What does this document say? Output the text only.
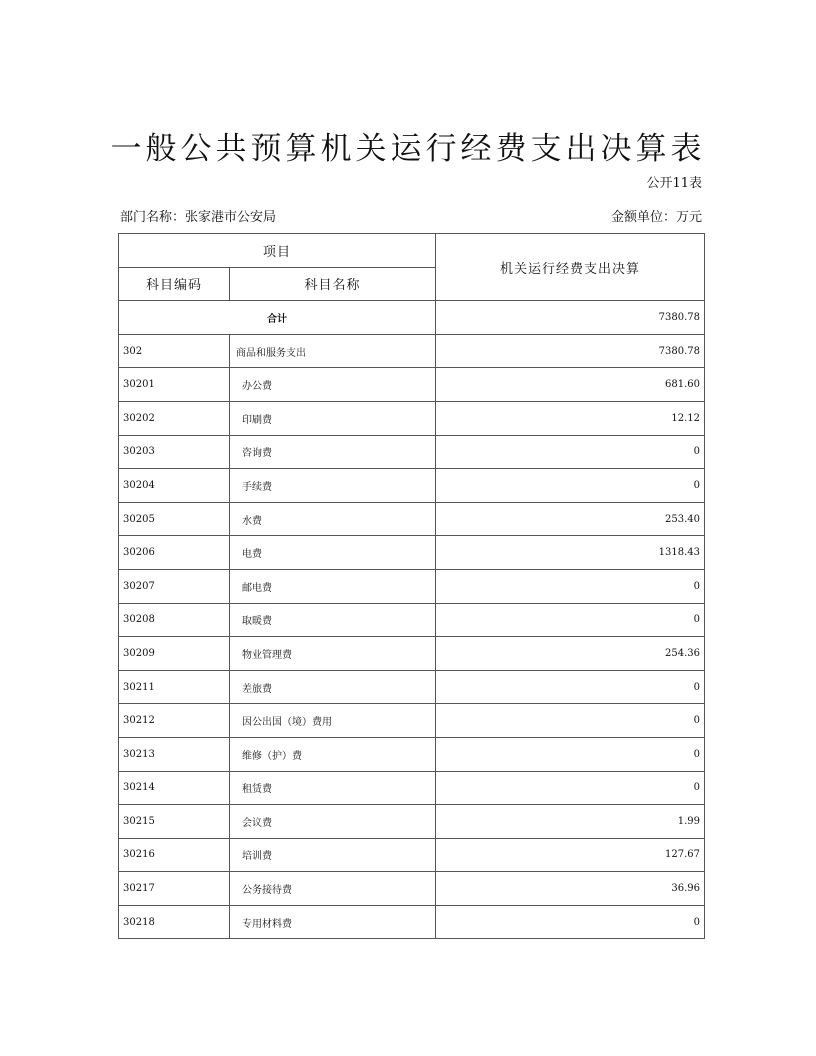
一般公共预算机关运行经费支出决算表
公开11表
部门名称：张家港市公安局	金额单位：万元
项目		机关运行经费支出决算
科目编码	科目名称	
合计		7380.78
302	商品和服务支出	7380.78
30201	办公费	681.60
30202	印刷费	12.12
30203	咨询费	0
30204	手续费	0
30205	水费	253.40
30206	电费	1318.43
30207	邮电费	0
30208	取暖费	0
30209	物业管理费	254.36
30211	差旅费	0
30212	因公出国（境）费用	0
30213	维修（护）费	0
30214	租赁费	0
30215	会议费	1.99
30216	培训费	127.67
30217	公务接待费	36.96
30218	专用材料费	0
